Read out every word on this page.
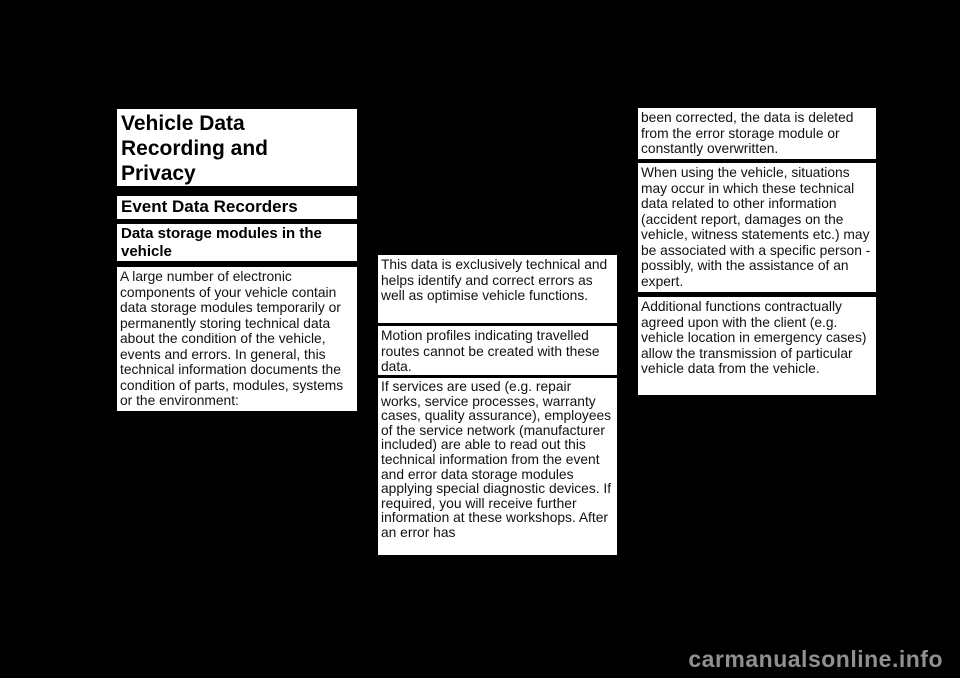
Vehicle Data Recording and Privacy
Event Data Recorders
Data storage modules in the vehicle
A large number of electronic components of your vehicle contain data storage modules temporarily or permanently storing technical data about the condition of the vehicle, events and errors. In general, this technical information documents the condition of parts, modules, systems or the environment:
This data is exclusively technical and helps identify and correct errors as well as optimise vehicle functions.
Motion profiles indicating travelled routes cannot be created with these data.
If services are used (e.g. repair works, service processes, warranty cases, quality assurance), employees of the service network (manufacturer included) are able to read out this technical information from the event and error data storage modules applying special diagnostic devices. If required, you will receive further information at these workshops. After an error has
been corrected, the data is deleted from the error storage module or constantly overwritten.
When using the vehicle, situations may occur in which these technical data related to other information (accident report, damages on the vehicle, witness statements etc.) may be associated with a specific person - possibly, with the assistance of an expert.
Additional functions contractually agreed upon with the client (e.g. vehicle location in emergency cases) allow the transmission of particular vehicle data from the vehicle.
carmanualsonline.info
